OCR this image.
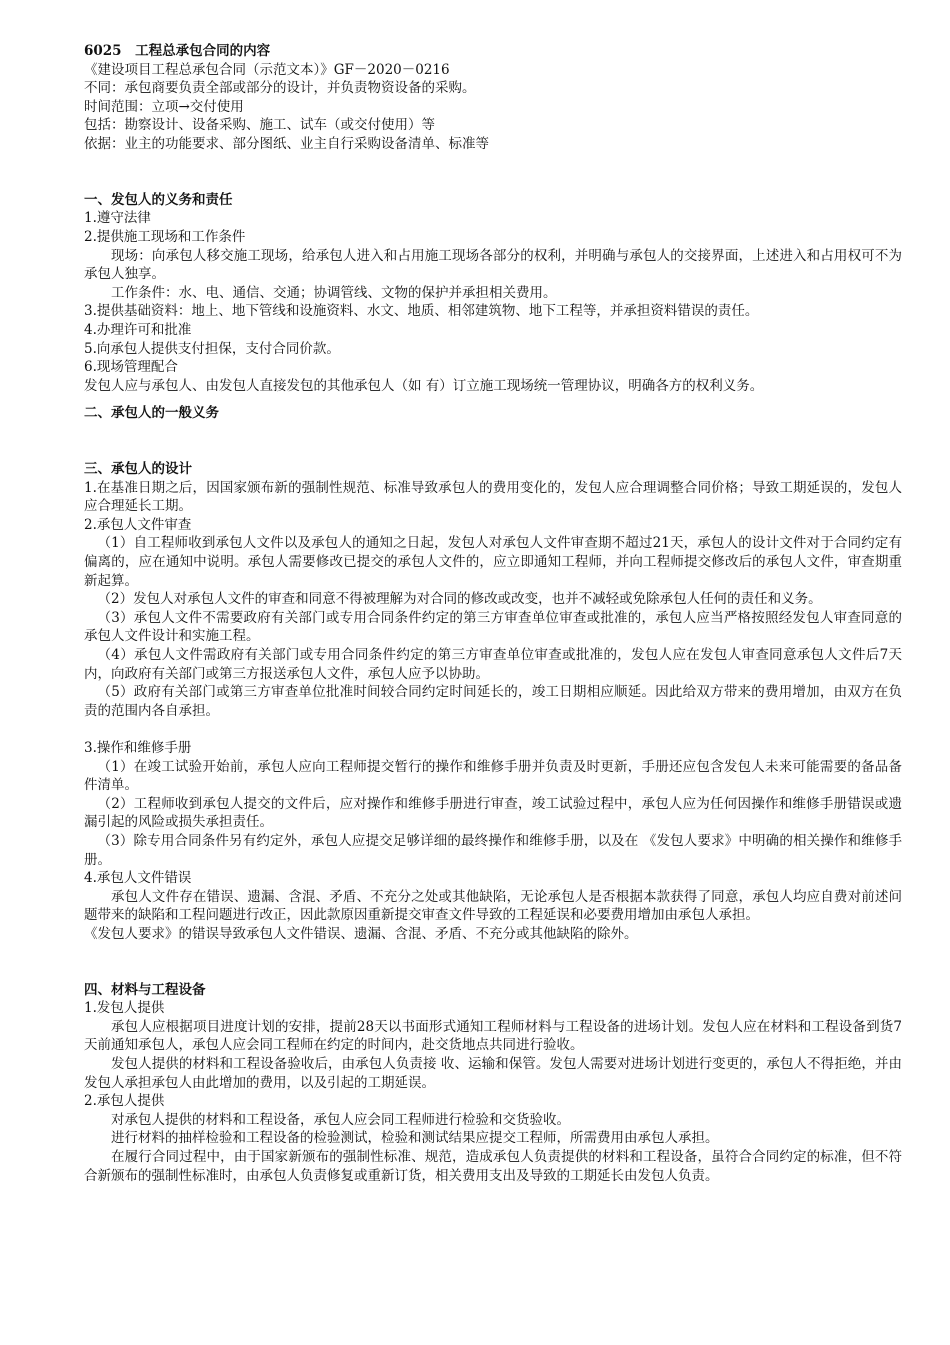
6025　工程总承包合同的内容

《建设项目工程总承包合同（示范文本）》GF－2020－0216

不同：承包商要负责全部或部分的设计，并负责物资设备的采购。

时间范围：立项→交付使用

包括：勘察设计、设备采购、施工、试车（或交付使用）等

依据：业主的功能要求、部分图纸、业主自行采购设备清单、标准等

一、发包人的义务和责任

1.遵守法律

2.提供施工现场和工作条件

现场：向承包人移交施工现场，给承包人进入和占用施工现场各部分的权利，并明确与承包人的交接界面，上述进入和占用权可不为承包人独享。

工作条件：水、电、通信、交通；协调管线、文物的保护并承担相关费用。

3.提供基础资料：地上、地下管线和设施资料、水文、地质、相邻建筑物、地下工程等，并承担资料错误的责任。

4.办理许可和批准

5.向承包人提供支付担保，支付合同价款。

6.现场管理配合

发包人应与承包人、由发包人直接发包的其他承包人（如 有）订立施工现场统一管理协议，明确各方的权利义务。

二、承包人的一般义务

三、承包人的设计

1.在基准日期之后，因国家颁布新的强制性规范、标准导致承包人的费用变化的，发包人应合理调整合同价格；导致工期延误的，发包人应合理延长工期。

2.承包人文件审查

（1）自工程师收到承包人文件以及承包人的通知之日起，发包人对承包人文件审查期不超过21天，承包人的设计文件对于合同约定有偏离的，应在通知中说明。承包人需要修改已提交的承包人文件的，应立即通知工程师，并向工程师提交修改后的承包人文件，审查期重新起算。

（2）发包人对承包人文件的审查和同意不得被理解为对合同的修改或改变，也并不减轻或免除承包人任何的责任和义务。

（3）承包人文件不需要政府有关部门或专用合同条件约定的第三方审查单位审查或批准的，承包人应当严格按照经发包人审查同意的承包人文件设计和实施工程。

（4）承包人文件需政府有关部门或专用合同条件约定的第三方审查单位审查或批准的，发包人应在发包人审查同意承包人文件后7天内，向政府有关部门或第三方报送承包人文件，承包人应予以协助。

（5）政府有关部门或第三方审查单位批准时间较合同约定时间延长的，竣工日期相应顺延。因此给双方带来的费用增加，由双方在负责的范围内各自承担。

3.操作和维修手册

（1）在竣工试验开始前，承包人应向工程师提交暂行的操作和维修手册并负责及时更新，手册还应包含发包人未来可能需要的备品备件清单。

（2）工程师收到承包人提交的文件后，应对操作和维修手册进行审查，竣工试验过程中，承包人应为任何因操作和维修手册错误或遗漏引起的风险或损失承担责任。

（3）除专用合同条件另有约定外，承包人应提交足够详细的最终操作和维修手册，以及在 《发包人要求》中明确的相关操作和维修手册。

4.承包人文件错误

承包人文件存在错误、遗漏、含混、矛盾、不充分之处或其他缺陷，无论承包人是否根据本款获得了同意，承包人均应自费对前述问题带来的缺陷和工程问题进行改正，因此款原因重新提交审查文件导致的工程延误和必要费用增加由承包人承担。

《发包人要求》的错误导致承包人文件错误、遗漏、含混、矛盾、不充分或其他缺陷的除外。

四、材料与工程设备

1.发包人提供

承包人应根据项目进度计划的安排，提前28天以书面形式通知工程师材料与工程设备的进场计划。发包人应在材料和工程设备到货7天前通知承包人，承包人应会同工程师在约定的时间内，赴交货地点共同进行验收。

发包人提供的材料和工程设备验收后，由承包人负责接 收、运输和保管。发包人需要对进场计划进行变更的，承包人不得拒绝，并由发包人承担承包人由此增加的费用，以及引起的工期延误。

2.承包人提供

对承包人提供的材料和工程设备，承包人应会同工程师进行检验和交货验收。

进行材料的抽样检验和工程设备的检验测试，检验和测试结果应提交工程师，所需费用由承包人承担。

在履行合同过程中，由于国家新颁布的强制性标准、规范，造成承包人负责提供的材料和工程设备，虽符合合同约定的标准，但不符合新颁布的强制性标准时，由承包人负责修复或重新订货，相关费用支出及导致的工期延长由发包人负责。
